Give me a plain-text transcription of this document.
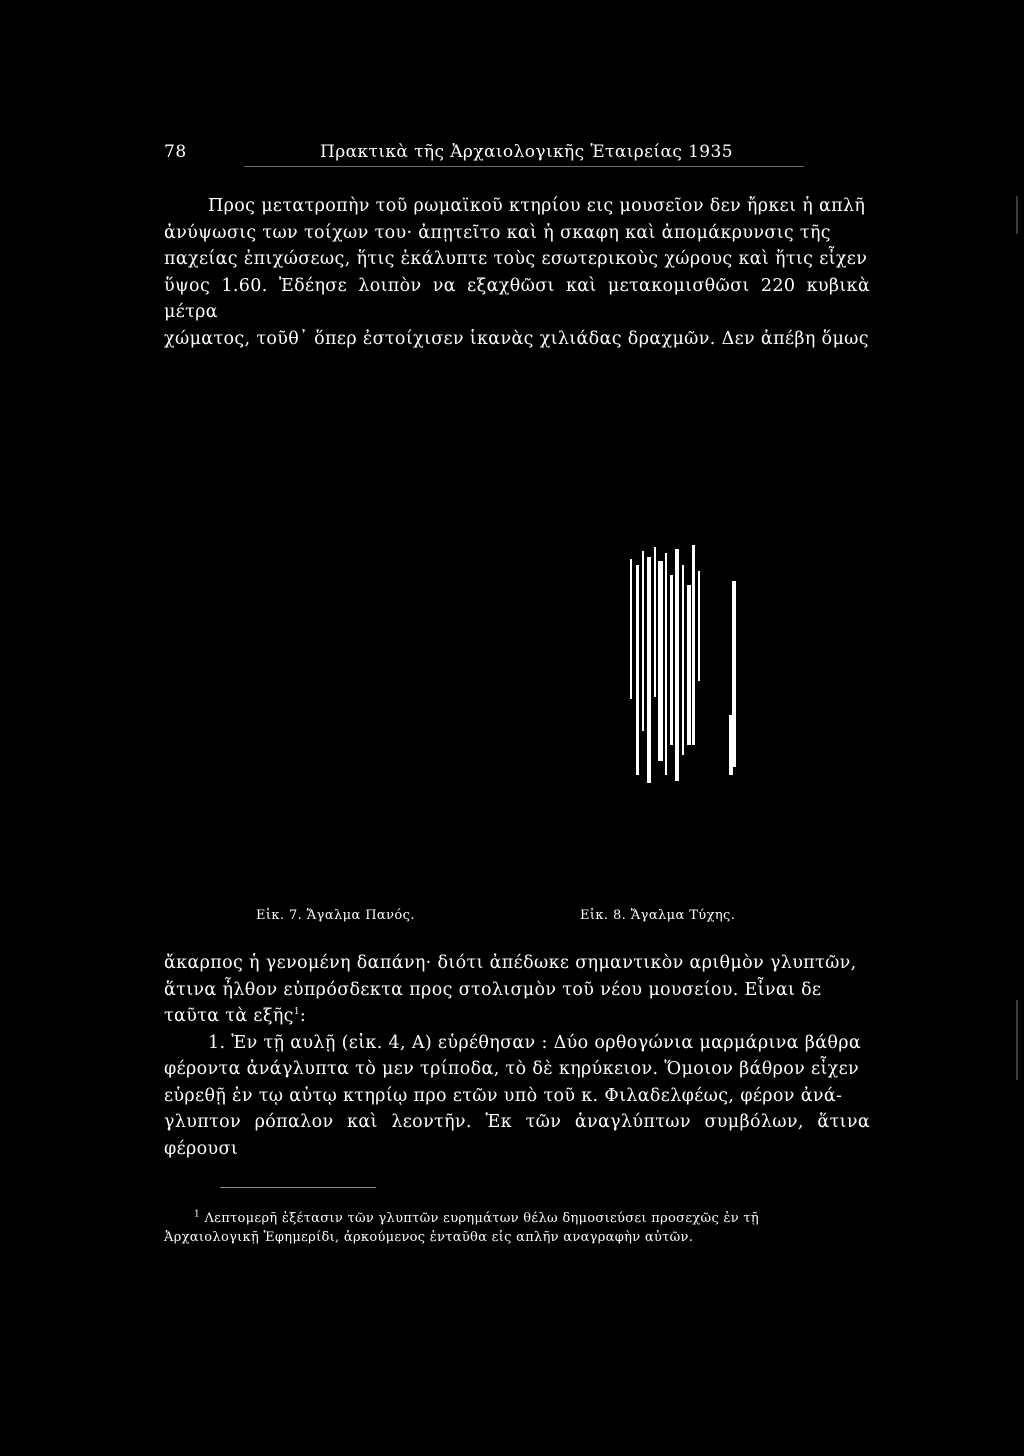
78	Πρακτικὰ τῆς Ἀρχαιολογικῆς Ἑταιρείας 1935

Προς μετατροπὴν τοῦ ρωμαϊκοῦ κτηρίου εις μουσεῖον δεν ἤρκει ἡ απλῆ

ἀνύψωσις των τοίχων του· ἀπῃτεῖτο καὶ ἡ σκαφη καὶ ἀπομάκρυνσις τῆς

παχείας ἐπιχώσεως, ἥτις ἐκάλυπτε τοὺς εσωτερικοὺς χώρους καὶ ἥτις εἶχεν

ὕψος 1.60. Ἐδέησε λοιπὸν να εξαχθῶσι καὶ μετακομισθῶσι 220 κυβικὰ μέτρα

χώματος, τοῦθ᾽ ὅπερ ἐστοίχισεν ἱκανὰς χιλιάδας δραχμῶν. Δεν ἀπέβη ὅμως

Εἰκ. 7. Ἄγαλμα Πανός.	Εἰκ. 8. Ἄγαλμα Τύχης.

ἄκαρπος ἡ γενομένη δαπάνη· διότι ἀπέδωκε σημαντικὸν αριθμὸν γλυπτῶν,

ἅτινα ἦλθον εὐπρόσδεκτα προς στολισμὸν τοῦ νέου μουσείου. Εἶναι δε

ταῦτα τὰ εξῆς$^1$:

1. Ἐν τῇ αυλῇ (εἰκ. 4, Α) εὑρέθησαν : Δύο ορθογώνια μαρμάρινα βάθρα

φέροντα ἀνάγλυπτα τὸ μεν τρίποδα, τὸ δὲ κηρύκειον. Ὅμοιον βάθρον εἶχεν

εὑρεθῇ ἐν τῳ αὐτῳ κτηρίῳ προ ετῶν υπὸ τοῦ κ. Φιλαδελφέως, φέρον ἀνά-

γλυπτον ρόπαλον καὶ λεοντῆν. Ἐκ τῶν ἀναγλύπτων συμβόλων, ἅτινα φέρουσι

$^1$ Λεπτομερῆ ἐξέτασιν τῶν γλυπτῶν ευρημάτων θέλω δημοσιεύσει προσεχῶς ἐν τῇ

Ἀρχαιολογικῇ Ἐφημερίδι, ἀρκούμενος ἐνταῦθα εἰς απλῆν αναγραφὴν αὐτῶν.
